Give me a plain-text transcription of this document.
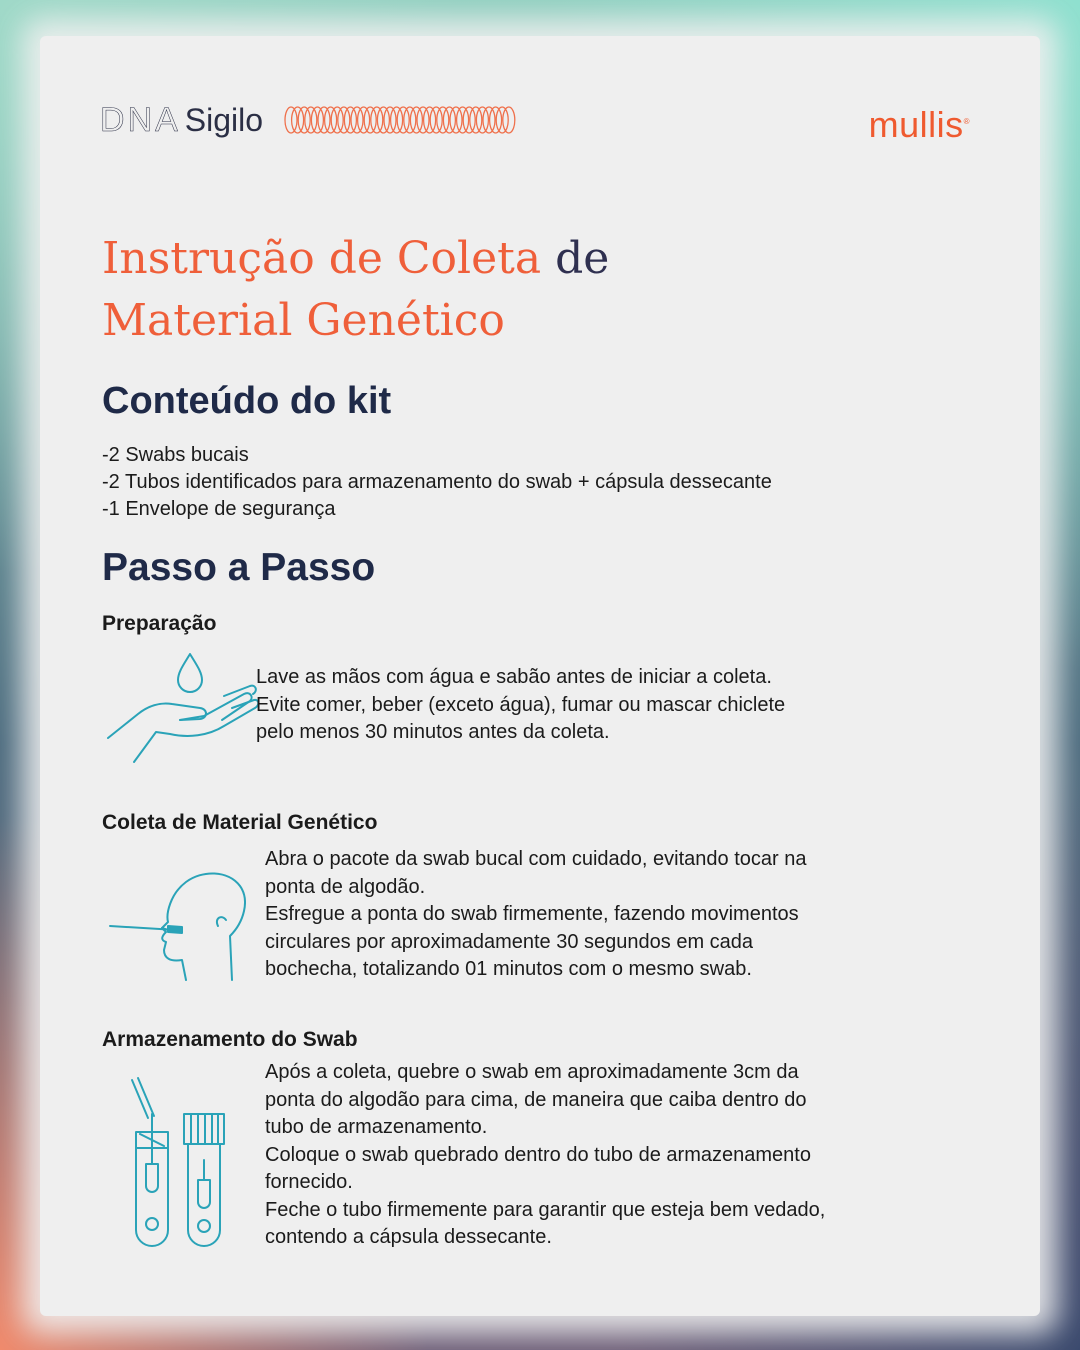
DNA Sigilo	mullis®
Instrução de Coleta de
Material Genético
Conteúdo do kit
-2 Swabs bucais
-2 Tubos identificados para armazenamento do swab + cápsula dessecante
-1 Envelope de segurança
Passo a Passo
Preparação
Lave as mãos com água e sabão antes de iniciar a coleta.
Evite comer, beber (exceto água), fumar ou mascar chiclete
pelo menos 30 minutos antes da coleta.
Coleta de Material Genético
Abra o pacote da swab bucal com cuidado, evitando tocar na
ponta de algodão.
Esfregue a ponta do swab firmemente, fazendo movimentos
circulares por aproximadamente 30 segundos em cada
bochecha, totalizando 01 minutos com o mesmo swab.
Armazenamento do Swab
Após a coleta, quebre o swab em aproximadamente 3cm da
ponta do algodão para cima, de maneira que caiba dentro do
tubo de armazenamento.
Coloque o swab quebrado dentro do tubo de armazenamento
fornecido.
Feche o tubo firmemente para garantir que esteja bem vedado,
contendo a cápsula dessecante.
